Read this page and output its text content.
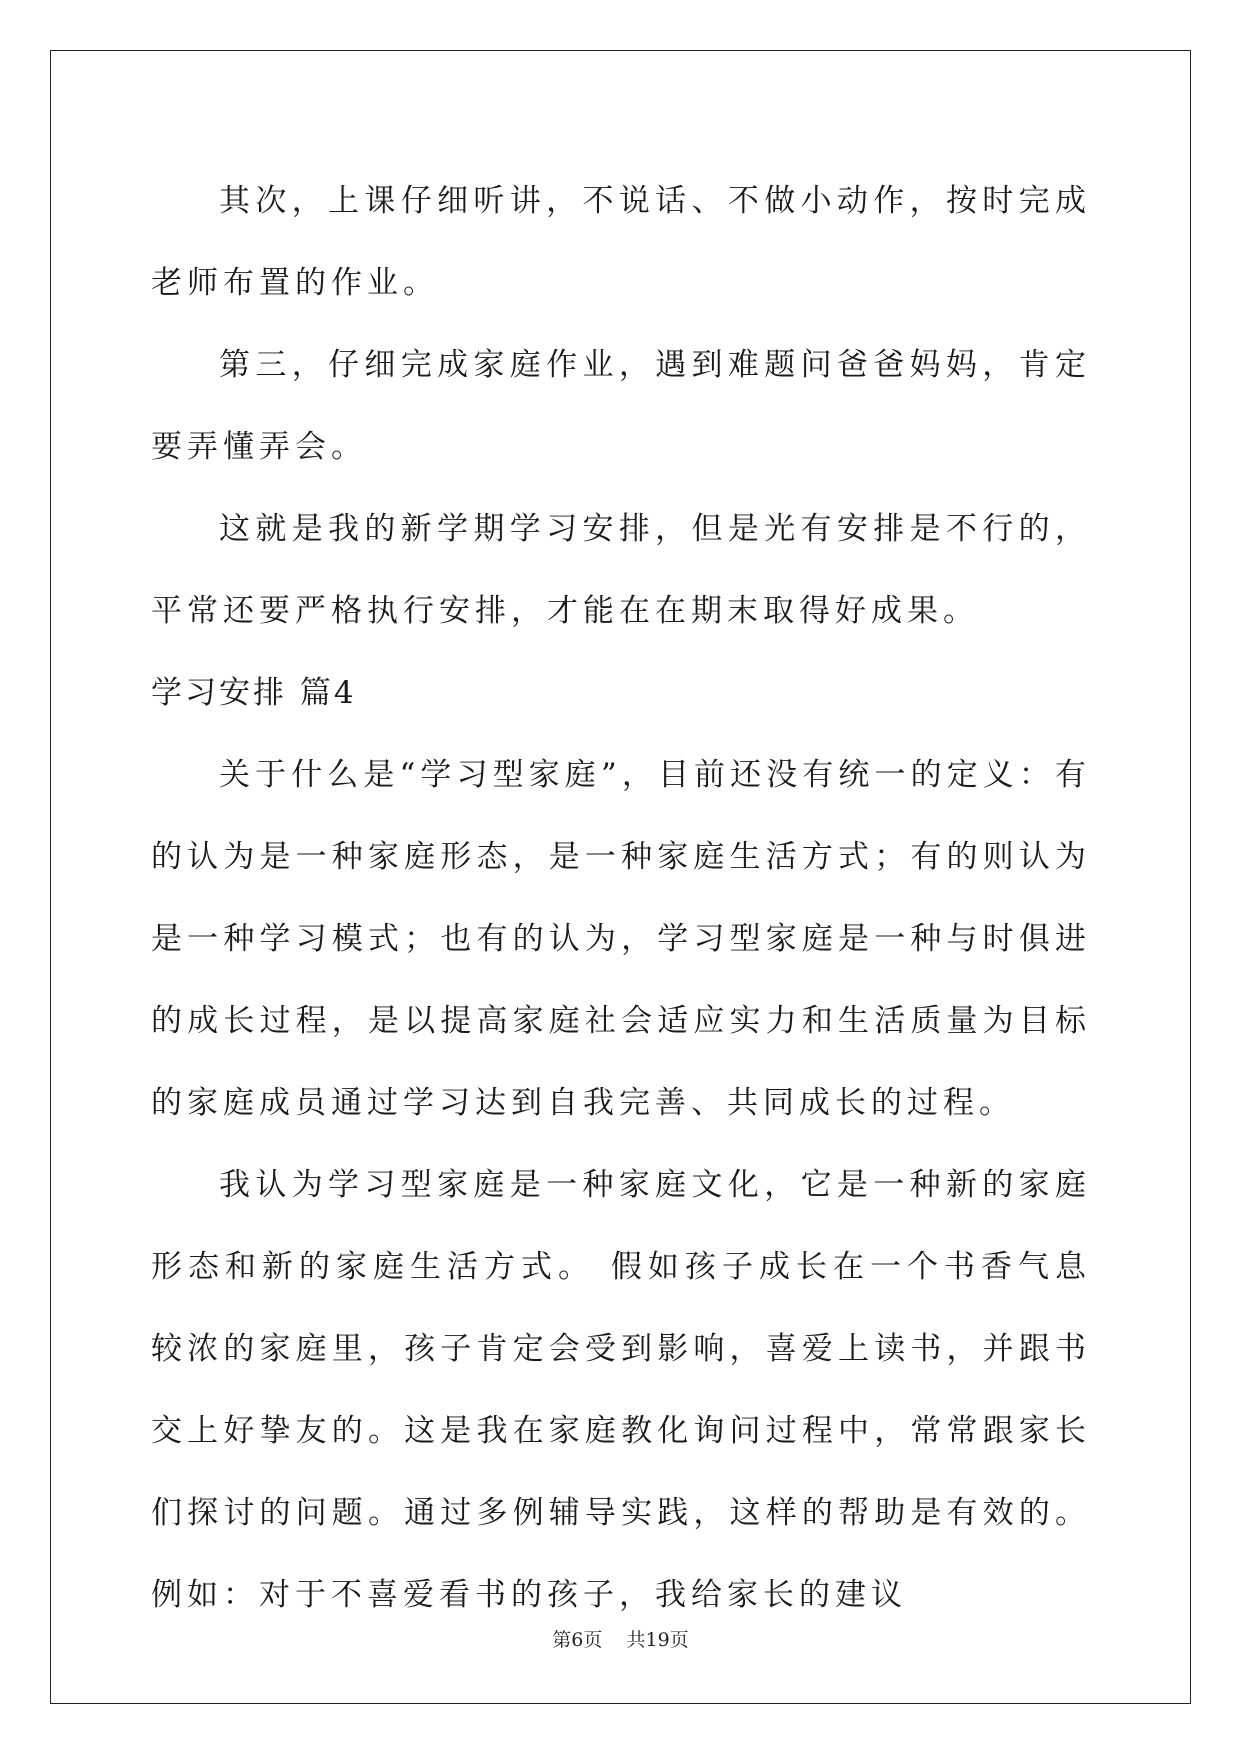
其次，上课仔细听讲，不说话、不做小动作，按时完成老师布置的作业。

第三，仔细完成家庭作业，遇到难题问爸爸妈妈，肯定要弄懂弄会。

这就是我的新学期学习安排，但是光有安排是不行的，平常还要严格执行安排，才能在在期末取得好成果。

学习安排 篇4

关于什么是“学习型家庭”，目前还没有统一的定义：有的认为是一种家庭形态，是一种家庭生活方式；有的则认为是一种学习模式；也有的认为，学习型家庭是一种与时俱进的成长过程，是以提高家庭社会适应实力和生活质量为目标的家庭成员通过学习达到自我完善、共同成长的过程。

我认为学习型家庭是一种家庭文化，它是一种新的家庭形态和新的家庭生活方式。 假如孩子成长在一个书香气息较浓的家庭里，孩子肯定会受到影响，喜爱上读书，并跟书交上好挚友的。这是我在家庭教化询问过程中，常常跟家长们探讨的问题。通过多例辅导实践，这样的帮助是有效的。 例如：对于不喜爱看书的孩子，我给家长的建议

第6页 共19页
